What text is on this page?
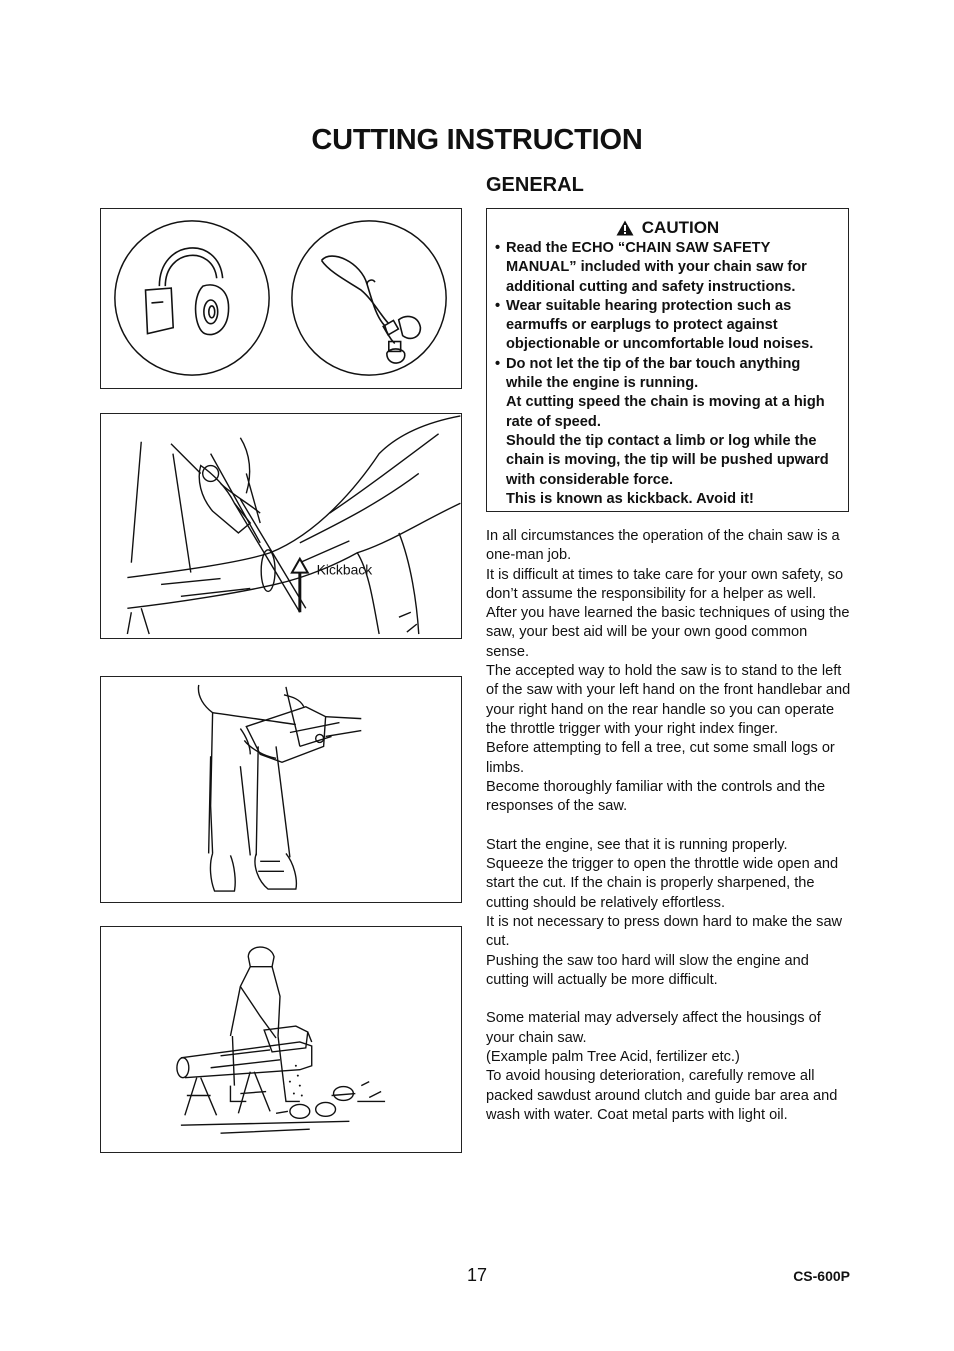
CUTTING INSTRUCTION
GENERAL
Kickback
CAUTION
• Read the ECHO “CHAIN SAW SAFETY MANUAL” included with your chain saw for additional cutting and safety instructions.
• Wear suitable hearing protection such as earmuffs or earplugs to protect against objectionable or uncomfortable loud noises.
• Do not let the tip of the bar touch anything while the engine is running.
At cutting speed the chain is moving at a high rate of speed.
Should the tip contact a limb or log while the chain is moving, the tip will be pushed upward with considerable force.
This is known as kickback. Avoid it!

In all circumstances the operation of the chain saw is a one-man job.

It is difficult at times to take care for your own safety, so don’t assume the responsibility for a helper as well.

After you have learned the basic techniques of using the saw, your best aid will be your own good common sense.

The accepted way to hold the saw is to stand to the left of the saw with your left hand on the front handlebar and your right hand on the rear handle so you can operate the throttle trigger with your right index finger.

Before attempting to fell a tree, cut some small logs or limbs.

Become thoroughly familiar with the controls and the responses of the saw.

Start the engine, see that it is running properly.

Squeeze the trigger to open the throttle wide open and start the cut. If the chain is properly sharpened, the cutting should be relatively effortless.

It is not necessary to press down hard to make the saw cut.

Pushing the saw too hard will slow the engine and cutting will actually be more difficult.

Some material may adversely affect the housings of your chain saw.

(Example palm Tree Acid, fertilizer etc.)

To avoid housing deterioration, carefully remove all packed sawdust around clutch and guide bar area and wash with water. Coat metal parts with light oil.

17	CS-600P
